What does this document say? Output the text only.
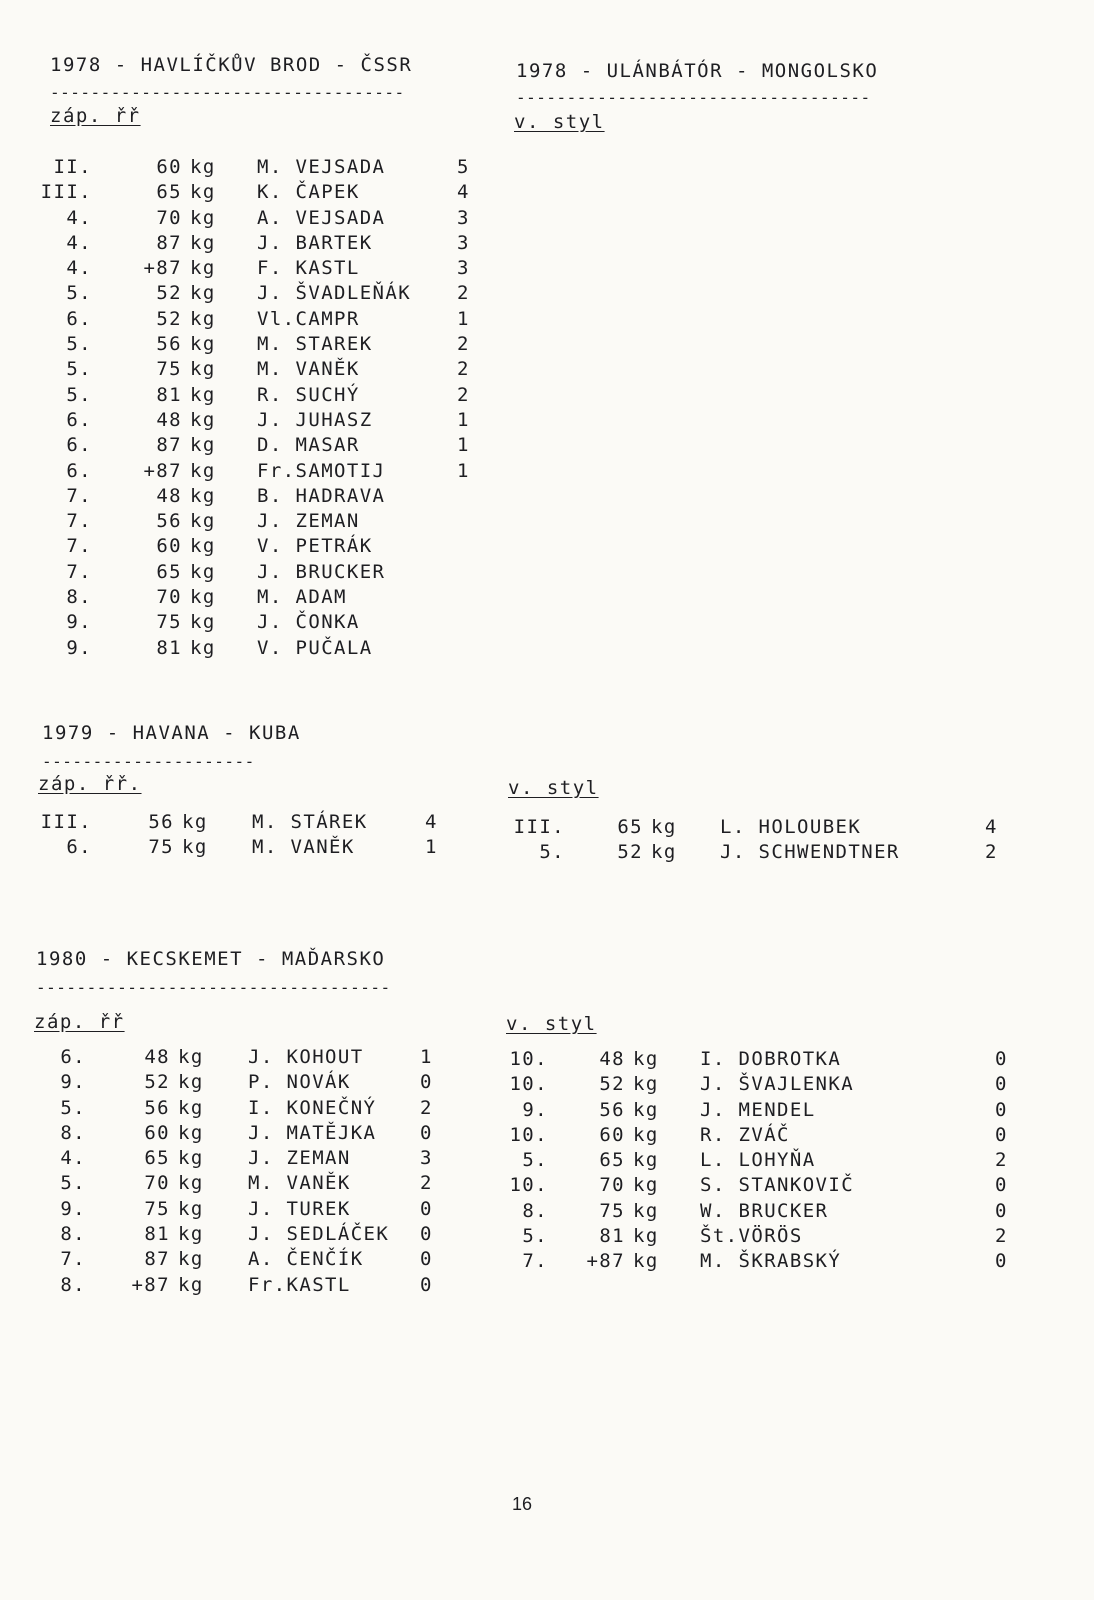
1978 - HAVLÍČKŮV BROD - ČSSR
-----------------------------------
záp. řř
II.	60 kg M. VEJSADA	5
III.	65 kg K. ČAPEK	4
4.	70 kg A. VEJSADA	3
4.	87 kg J. BARTEK	3
4.	+87 kg F. KASTL	3
5.	52 kg J. ŠVADLEŇÁK 2
6.	52 kg Vl.CAMPR	1
5.	56 kg M. STAREK	2
5.	75 kg M. VANĚK	2
5.	81 kg R. SUCHÝ	2
6.	48 kg J. JUHASZ	1
6.	87 kg D. MASAR	1
6.	+87 kg Fr.SAMOTIJ	1
7.	48 kg B. HADRAVA
7.	56 kg J. ZEMAN
7.	60 kg V. PETRÁK
7.	65 kg J. BRUCKER
8.	70 kg M. ADAM
9.	75 kg J. ČONKA
9.	81 kg V. PUČALA
1978 - ULÁNBÁTÓR - MONGOLSKO
-----------------------------------
v. styl
1979 - HAVANA - KUBA
---------------------
záp. řř.
III.	56 kg M. STÁREK	4
6.	75 kg M. VANĚK	1
v. styl
III.	65 kg L. HOLOUBEK	4
5.	52 kg J. SCHWENDTNER	2
1980 - KECSKEMET - MAĎARSKO
-----------------------------------
záp. řř
6.	48 kg J. KOHOUT	1
9.	52 kg P. NOVÁK	0
5.	56 kg I. KONEČNÝ 2
8.	60 kg J. MATĚJKA 0
4.	65 kg J. ZEMAN	3
5.	70 kg M. VANĚK	2
9.	75 kg J. TUREK	0
8.	81 kg J. SEDLÁČEK 0
7.	87 kg A. ČENČÍK	0
8. +87 kg Fr.KASTL	0
v. styl
10.	48 kg I. DOBROTKA	0
10.	52 kg J. ŠVAJLENKA	0
9.	56 kg J. MENDEL	0
10.	60 kg R. ZVÁČ	0
5.	65 kg L. LOHYŇA	2
10.	70 kg S. STANKOVIČ	0
8.	75 kg W. BRUCKER	0
5.	81 kg Št.VÖRÖS	2
7. +87 kg M. ŠKRABSKÝ	0
16
